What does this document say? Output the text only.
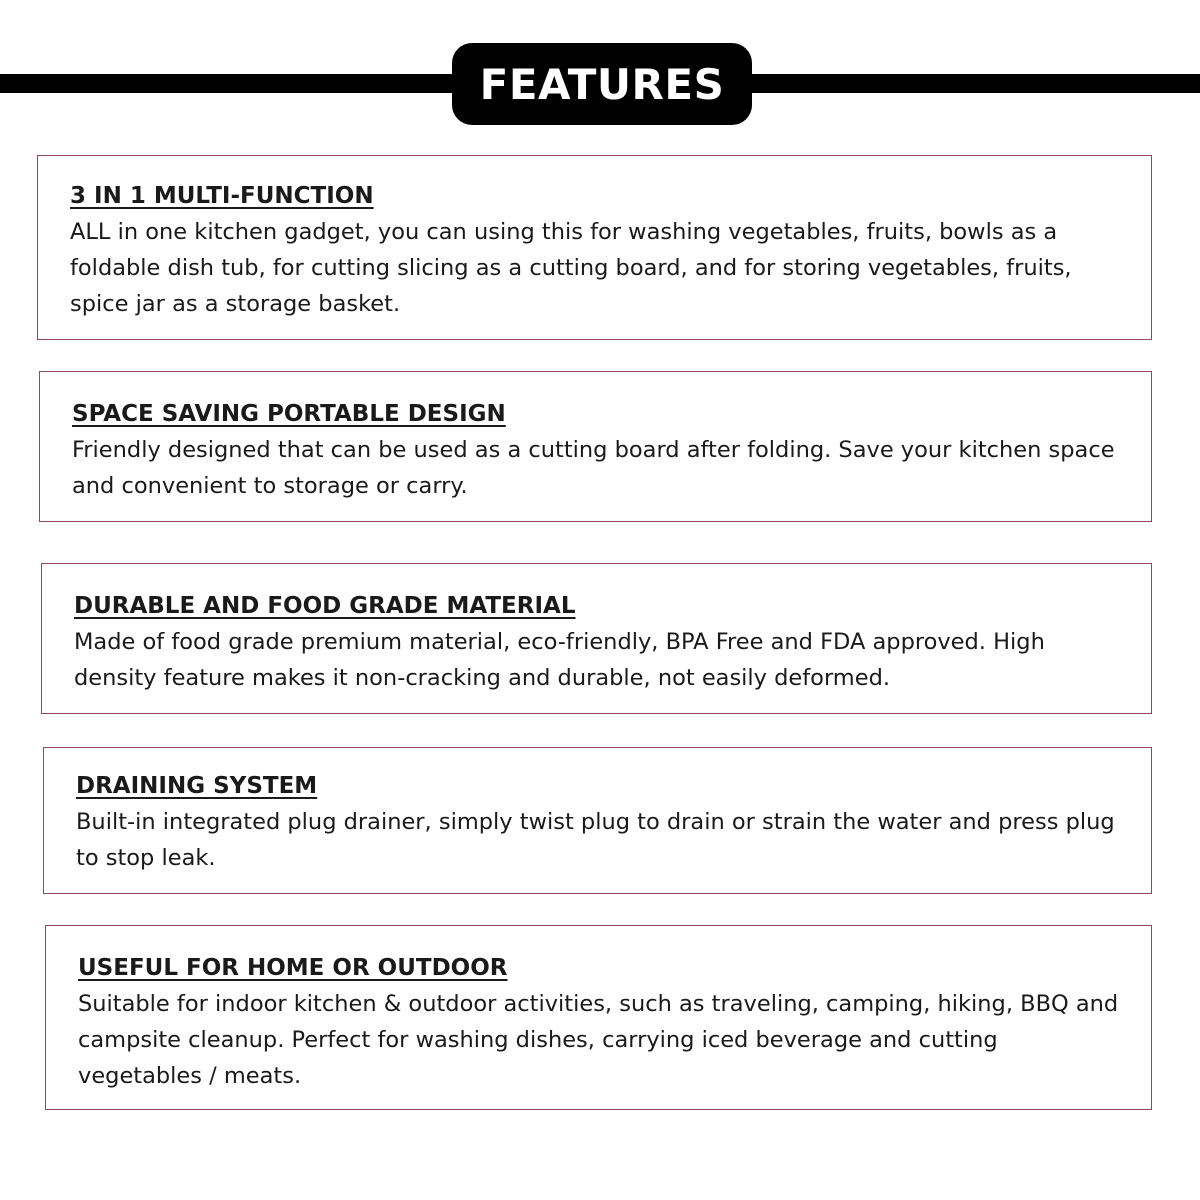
FEATURES
3 IN 1 MULTI-FUNCTION
ALL in one kitchen gadget, you can using this for washing vegetables, fruits, bowls as a foldable dish tub, for cutting slicing as a cutting board, and for storing vegetables, fruits, spice jar as a storage basket.
SPACE SAVING PORTABLE DESIGN
Friendly designed that can be used as a cutting board after folding. Save your kitchen space and convenient to storage or carry.
DURABLE AND FOOD GRADE MATERIAL
Made of food grade premium material, eco-friendly, BPA Free and FDA approved. High density feature makes it non-cracking and durable, not easily deformed.
DRAINING SYSTEM
Built-in integrated plug drainer, simply twist plug to drain or strain the water and press plug to stop leak.
USEFUL FOR HOME OR OUTDOOR
Suitable for indoor kitchen & outdoor activities, such as traveling, camping, hiking, BBQ and campsite cleanup. Perfect for washing dishes, carrying iced beverage and cutting vegetables / meats.
